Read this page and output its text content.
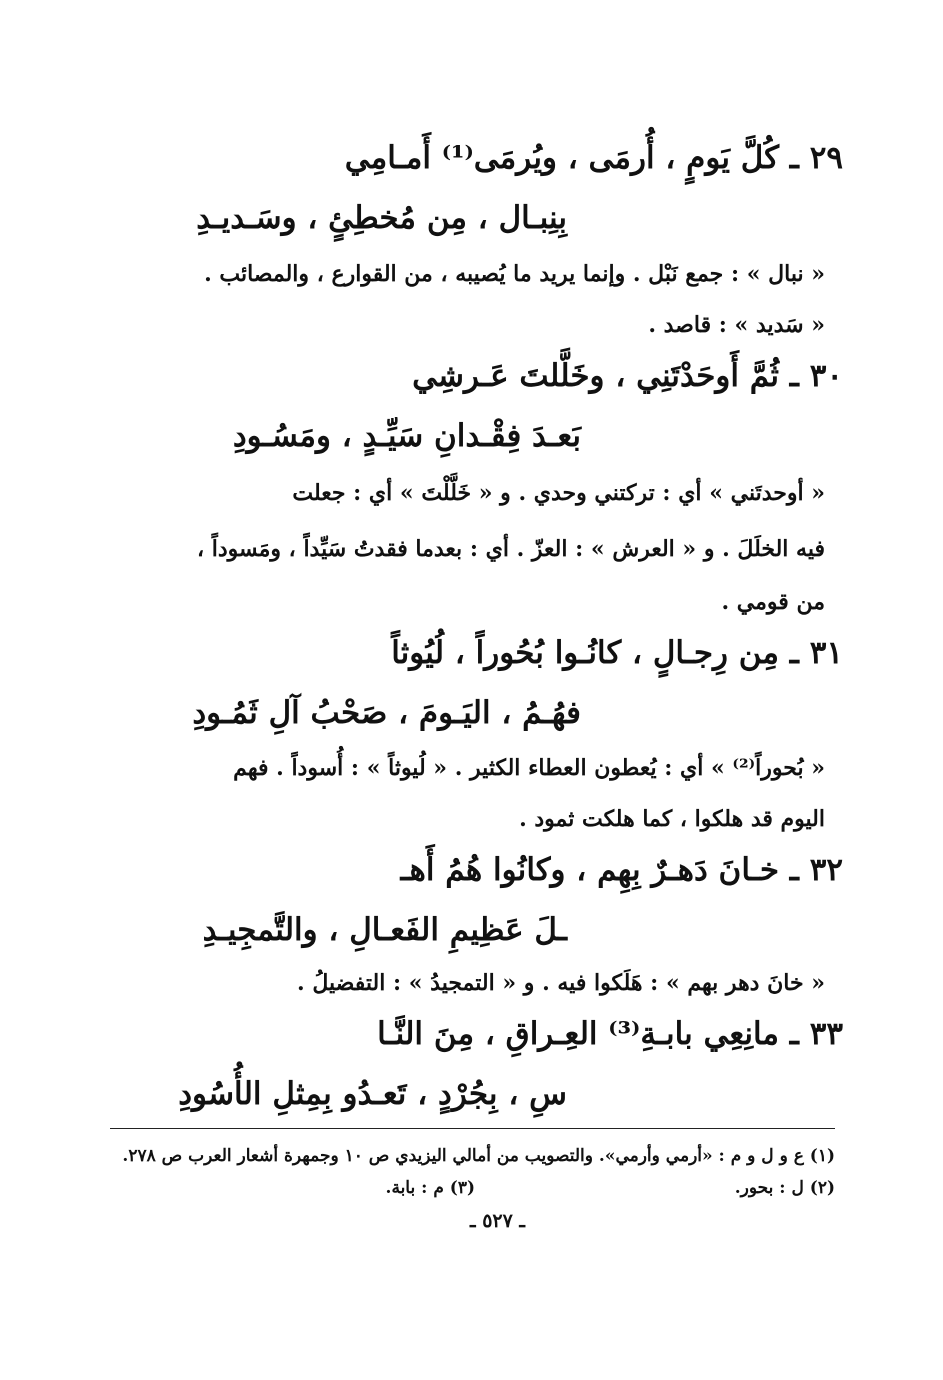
٢٩ ـ كُلَّ يَومٍ ، أُرمَى ، ويُرمَى⁽¹⁾ أَمـامِي
بِنِبـال ، مِن مُخطِئٍ ، وسَـديـدِ
« نبال » : جمع نَبْل . وإنما يريد ما يُصيبه ، من القوارع ، والمصائب .
« سَديد » : قاصد .
٣٠ ـ ثُمَّ أَوحَدْتَنِي ، وخَلَّلتَ عَـرشِي
بَعـدَ فِقْـدانِ سَيِّـدٍ ، ومَسُـودِ
« أوحدتَني » أي : تركتني وحدي . و « خَلَّلْتَ » أي : جعلت
فيه الخلَلَ . و « العرش » : العزّ . أي : بعدما فقدتُ سَيِّداً ، ومَسوداً ،
من قومي .
٣١ ـ مِن رِجـالٍ ، كانُـوا بُحُوراً ، لُيُوثاً
فهُـمُ ، اليَـومَ ، صَحْبُ آلِ ثَمُـودِ
« بُحوراً⁽²⁾ » أي : يُعطون العطاء الكثير . « لُيوثاً » : أُسوداً . فهم
اليوم قد هلكوا ، كما هلكت ثمود .
٣٢ ـ خـانَ دَهـرٌ بِهِم ، وكانُوا هُمُ أَهـ
ـلَ عَظِيمِ الفَعـالِ ، والتَّمجِيـدِ
« خانَ دهر بهم » : هَلَكوا فيه . و « التمجيدُ » : التفضيلُ .
٣٣ ـ مانِعِي بابـةِ⁽³⁾ العِـراقِ ، مِنَ النَّـا
سِ ، بِجُرْدٍ ، تَعـدُو بِمِثلِ الأُسُودِ
(١) ع و ل و م : «أرمي وأرمي». والتصويب من أمالي اليزيدي ص ١٠ وجمهرة أشعار العرب ص ٢٧٨.
(٢) ل : بحور.
(٣) م : بابة.
ـ ٥٢٧ ـ
